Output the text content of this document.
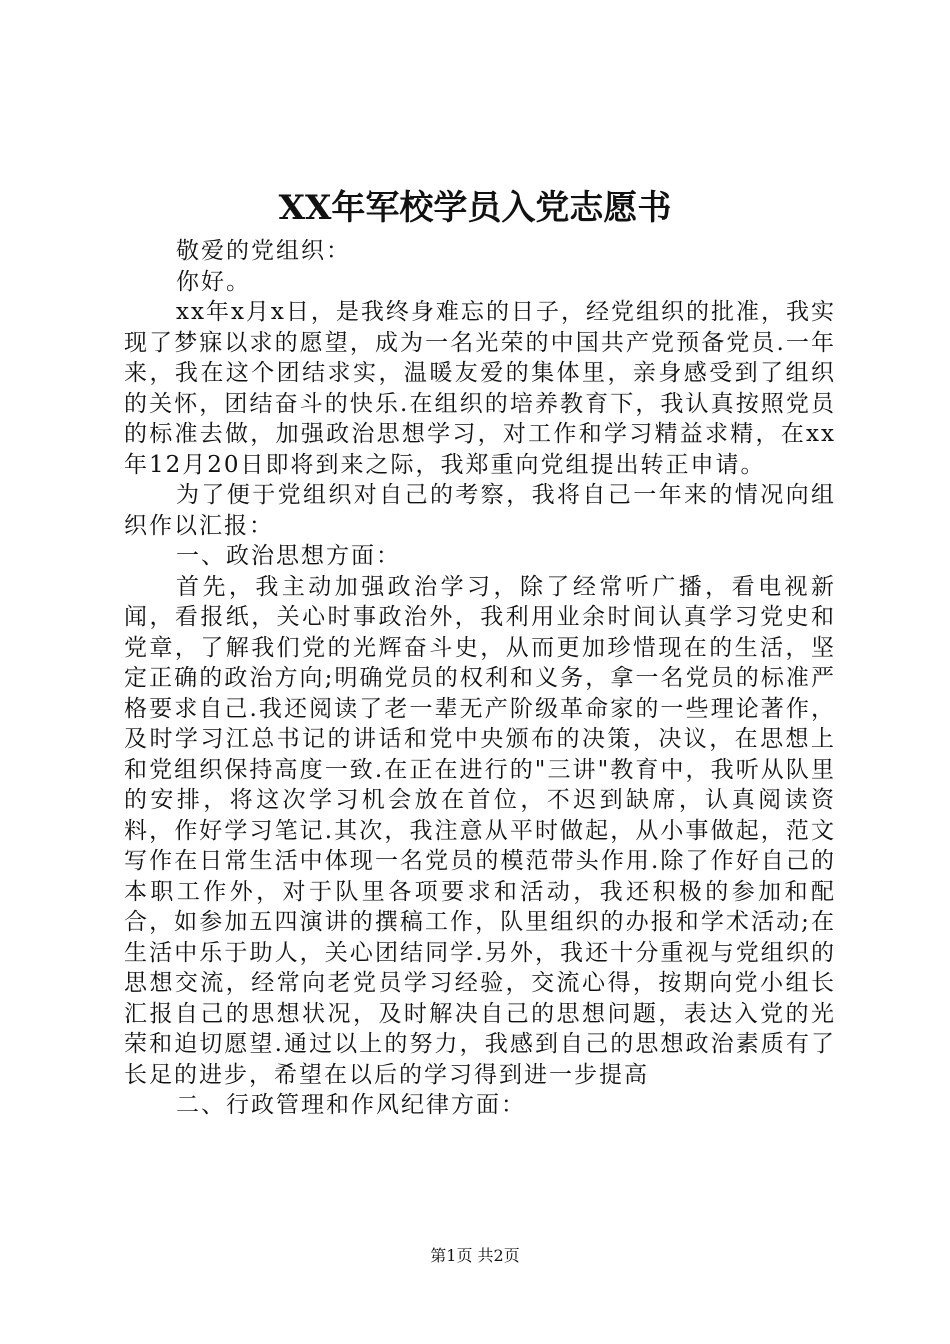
XX年军校学员入党志愿书

敬爱的党组织：

你好。

xx年x月x日，是我终身难忘的日子，经党组织的批准，我实现了梦寐以求的愿望，成为一名光荣的中国共产党预备党员.一年来，我在这个团结求实，温暖友爱的集体里，亲身感受到了组织的关怀，团结奋斗的快乐.在组织的培养教育下，我认真按照党员的标准去做，加强政治思想学习，对工作和学习精益求精，在xx年12月20日即将到来之际，我郑重向党组提出转正申请。

为了便于党组织对自己的考察，我将自己一年来的情况向组织作以汇报：

一、政治思想方面：

首先，我主动加强政治学习，除了经常听广播，看电视新闻，看报纸，关心时事政治外，我利用业余时间认真学习党史和党章，了解我们党的光辉奋斗史，从而更加珍惜现在的生活，坚定正确的政治方向;明确党员的权利和义务，拿一名党员的标准严格要求自己.我还阅读了老一辈无产阶级革命家的一些理论著作，及时学习江总书记的讲话和党中央颁布的决策，决议，在思想上和党组织保持高度一致.在正在进行的"三讲"教育中，我听从队里的安排，将这次学习机会放在首位，不迟到缺席，认真阅读资料，作好学习笔记.其次，我注意从平时做起，从小事做起，范文写作在日常生活中体现一名党员的模范带头作用.除了作好自己的本职工作外，对于队里各项要求和活动，我还积极的参加和配合，如参加五四演讲的撰稿工作，队里组织的办报和学术活动;在生活中乐于助人，关心团结同学.另外，我还十分重视与党组织的思想交流，经常向老党员学习经验，交流心得，按期向党小组长汇报自己的思想状况，及时解决自己的思想问题，表达入党的光荣和迫切愿望.通过以上的努力，我感到自己的思想政治素质有了长足的进步，希望在以后的学习得到进一步提高

二、行政管理和作风纪律方面：

第1页 共2页
